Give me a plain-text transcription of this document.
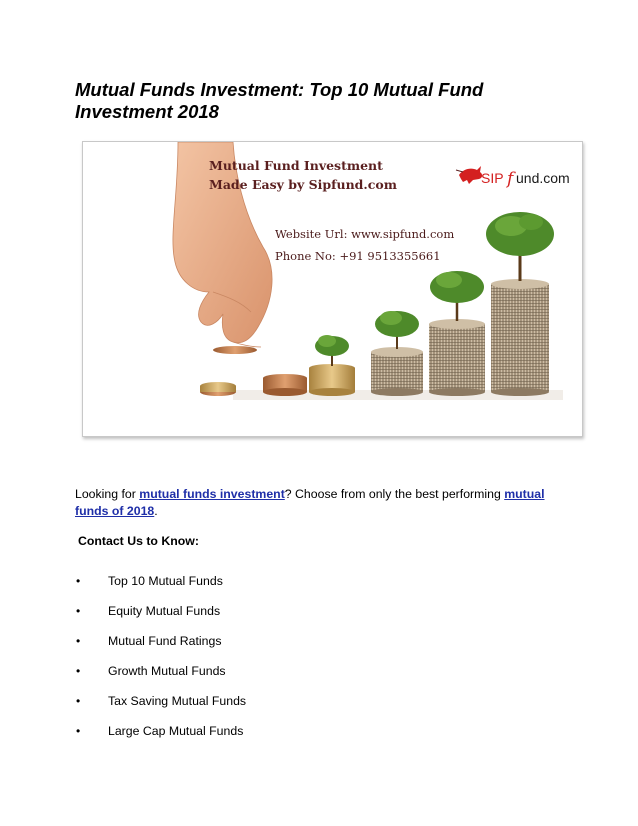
Mutual Funds Investment: Top 10 Mutual Fund Investment 2018
Mutual Fund Investment
Made Easy by Sipfund.com
Website Url: www.sipfund.com
Phone No: +91 9513355661
SIP f und.com

Looking for mutual funds investment? Choose from only the best performing mutual funds of 2018.

Contact Us to Know:

• Top 10 Mutual Funds
• Equity Mutual Funds
• Mutual Fund Ratings
• Growth Mutual Funds
• Tax Saving Mutual Funds
• Large Cap Mutual Funds
